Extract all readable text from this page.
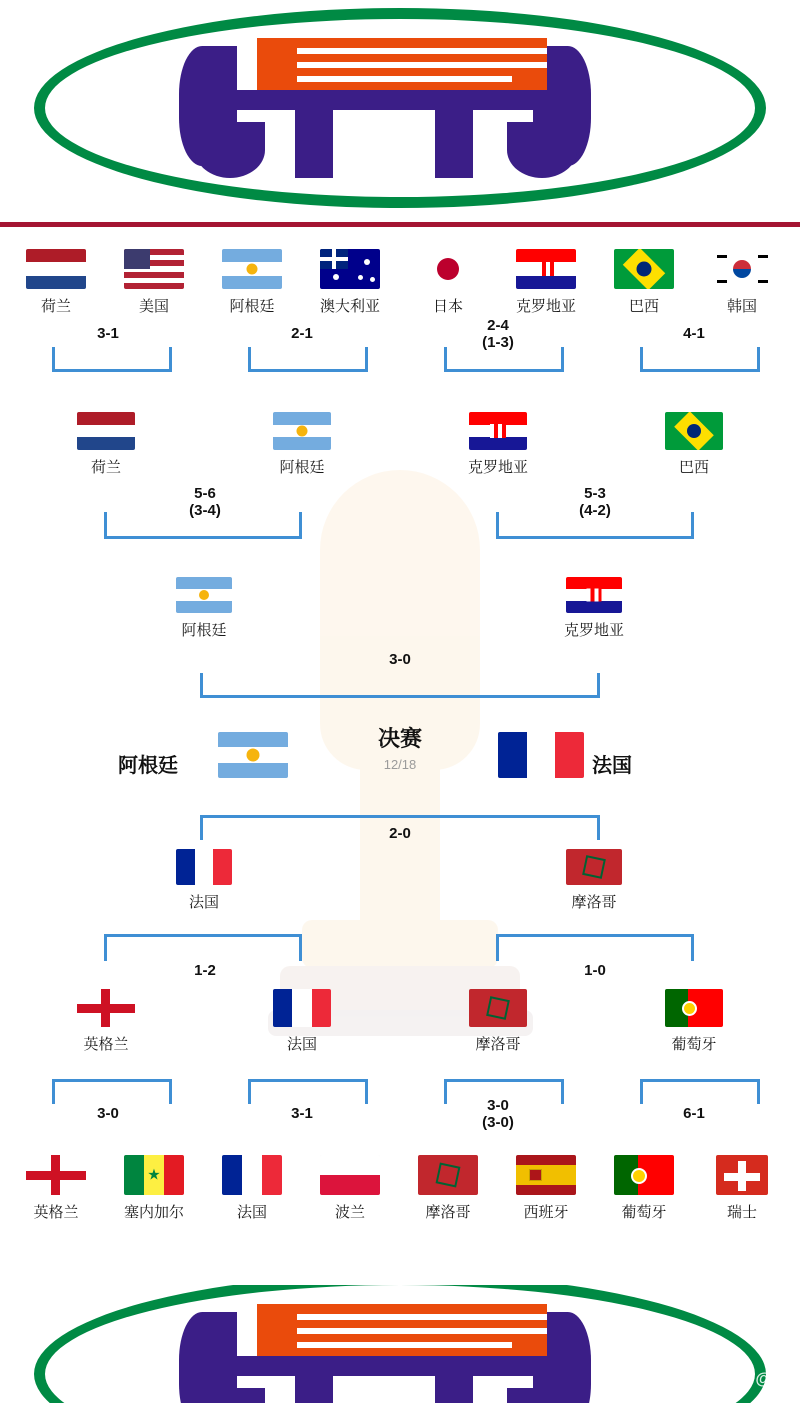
荷兰	美国	阿根廷	澳大利亚	日本	克罗地亚	巴西	韩国
3-1	2-1	2-4
(1-3)
4-1
荷兰	阿根廷	克罗地亚	巴西
5-6
(3-4)
5-3
(4-2)
阿根廷	克罗地亚
3-0
决赛
12/18
阿根廷	法国
2-0
法国	摩洛哥
1-2	1-0
英格兰	法国	摩洛哥	葡萄牙
3-0	3-1	3-0
(3-0)
6-1
英格兰
★
塞内加尔	法国	波兰	摩洛哥	西班牙	葡萄牙	瑞士
@
